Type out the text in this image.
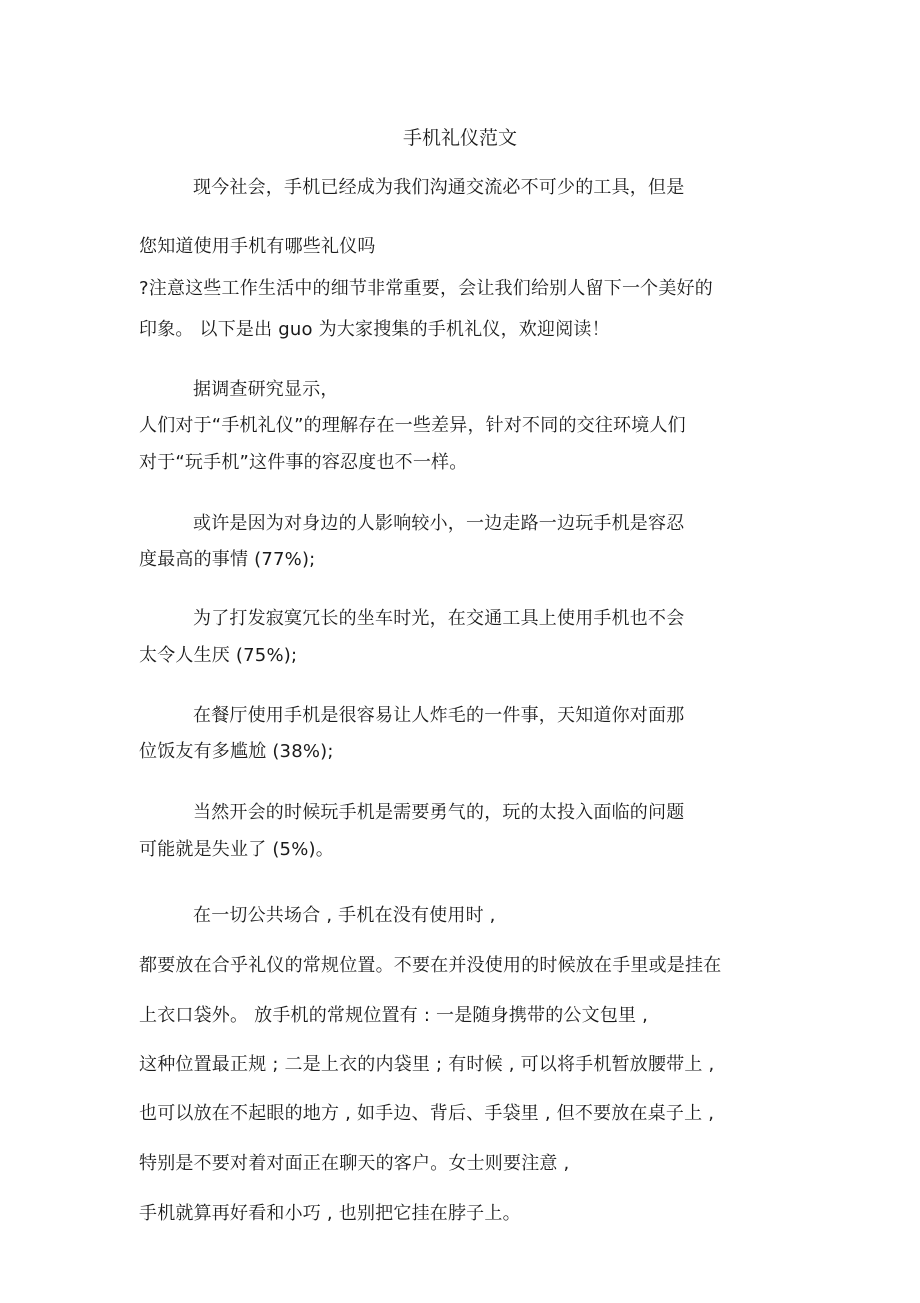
手机礼仪范文
现今社会，手机已经成为我们沟通交流必不可少的工具，但是
您知道使用手机有哪些礼仪吗
?注意这些工作生活中的细节非常重要，会让我们给别人留下一个美好的
印象。 以下是出 guo 为大家搜集的手机礼仪，欢迎阅读！
据调查研究显示，
人们对于“手机礼仪”的理解存在一些差异，针对不同的交往环境人们
对于“玩手机”这件事的容忍度也不一样。
或许是因为对身边的人影响较小，一边走路一边玩手机是容忍
度最高的事情 (77%);
为了打发寂寞冗长的坐车时光，在交通工具上使用手机也不会
太令人生厌 (75%);
在餐厅使用手机是很容易让人炸毛的一件事，天知道你对面那
位饭友有多尴尬 (38%);
当然开会的时候玩手机是需要勇气的，玩的太投入面临的问题
可能就是失业了 (5%)。
在一切公共场合 , 手机在没有使用时 ,
都要放在合乎礼仪的常规位置。不要在并没使用的时候放在手里或是挂在
上衣口袋外。 放手机的常规位置有 : 一是随身携带的公文包里 ,
这种位置最正规 ; 二是上衣的内袋里 ; 有时候 , 可以将手机暂放腰带上 ,
也可以放在不起眼的地方 , 如手边、背后、手袋里 , 但不要放在桌子上 ,
特别是不要对着对面正在聊天的客户。女士则要注意 ,
手机就算再好看和小巧 , 也别把它挂在脖子上。
